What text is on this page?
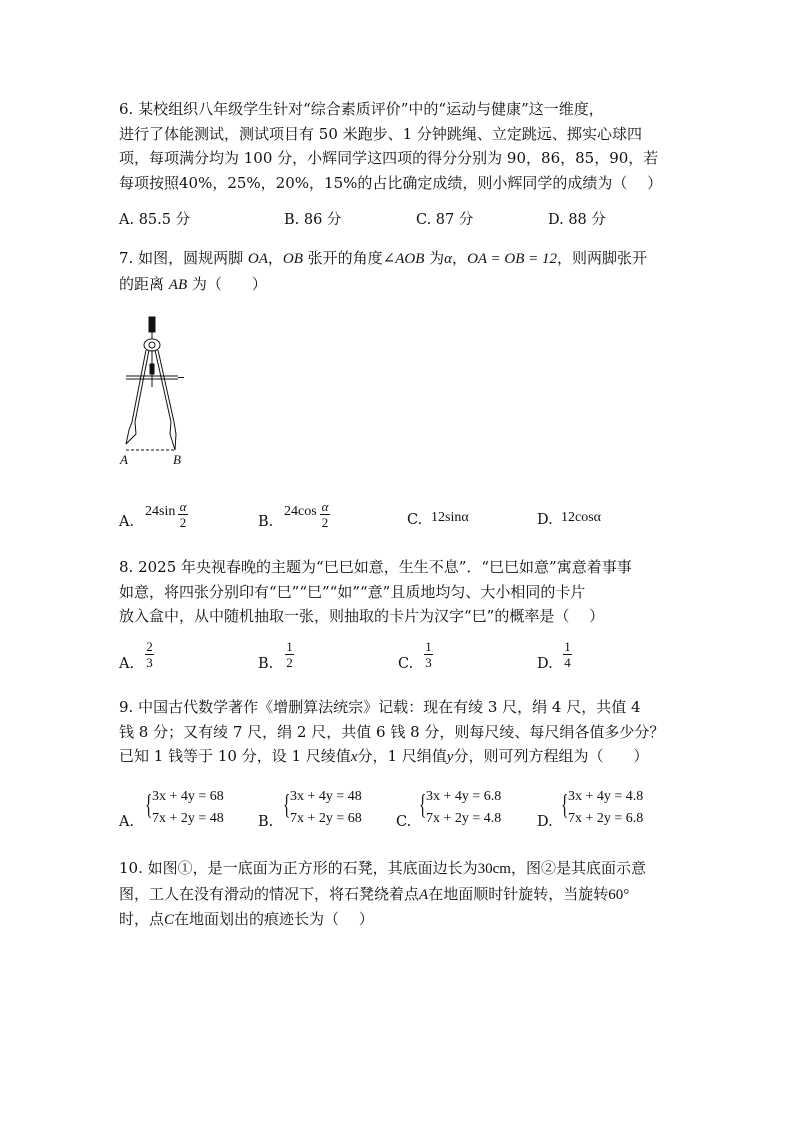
6. 某校组织八年级学生针对“综合素质评价”中的“运动与健康”这一维度，

进行了体能测试，测试项目有 50 米跑步、1 分钟跳绳、立定跳远、掷实心球四

项，每项满分均为 100 分，小辉同学这四项的得分分别为 90，86，85，90，若

每项按照40%，25%，20%，15%的占比确定成绩，则小辉同学的成绩为（　 ）

A. 85.5 分	B. 86 分	C. 87 分	D. 88 分

7. 如图，圆规两脚 OA，OB 张开的角度∠AOB 为α，OA = OB = 12，则两脚张开

的距离 AB 为（　　）

A	B
A.
24sin α
2	B.
24cos α
2	C. 12sinα	D. 12cosα

8. 2025 年央视春晚的主题为“巳巳如意，生生不息”．“巳巳如意”寓意着事事

如意，将四张分别印有“巳”“巳”“如”“意”且质地均匀、大小相同的卡片

放入盒中，从中随机抽取一张，则抽取的卡片为汉字“巳”的概率是（　 ）

A.
2
3	B.
1
2	C.
1
3	D.
1
4

9. 中国古代数学著作《增删算法统宗》记载：现在有绫 3 尺，绢 4 尺，共值 4

钱 8 分；又有绫 7 尺，绢 2 尺，共值 6 钱 8 分，则每尺绫、每尺绢各值多少分？

已知 1 钱等于 10 分，设 1 尺绫值x分，1 尺绢值y分，则可列方程组为（　　）

A.
{ 3x + 4y = 68
7x + 2y = 48 B.
{ 3x + 4y = 48
7x + 2y = 68 C.
{ 3x + 4y = 6.8
7x + 2y = 4.8 D.
{ 3x + 4y = 4.8
7x + 2y = 6.8

10. 如图①，是一底面为正方形的石凳，其底面边长为30cm，图②是其底面示意

图，工人在没有滑动的情况下，将石凳绕着点A在地面顺时针旋转，当旋转60°

时，点C在地面划出的痕迹长为（　 ）
